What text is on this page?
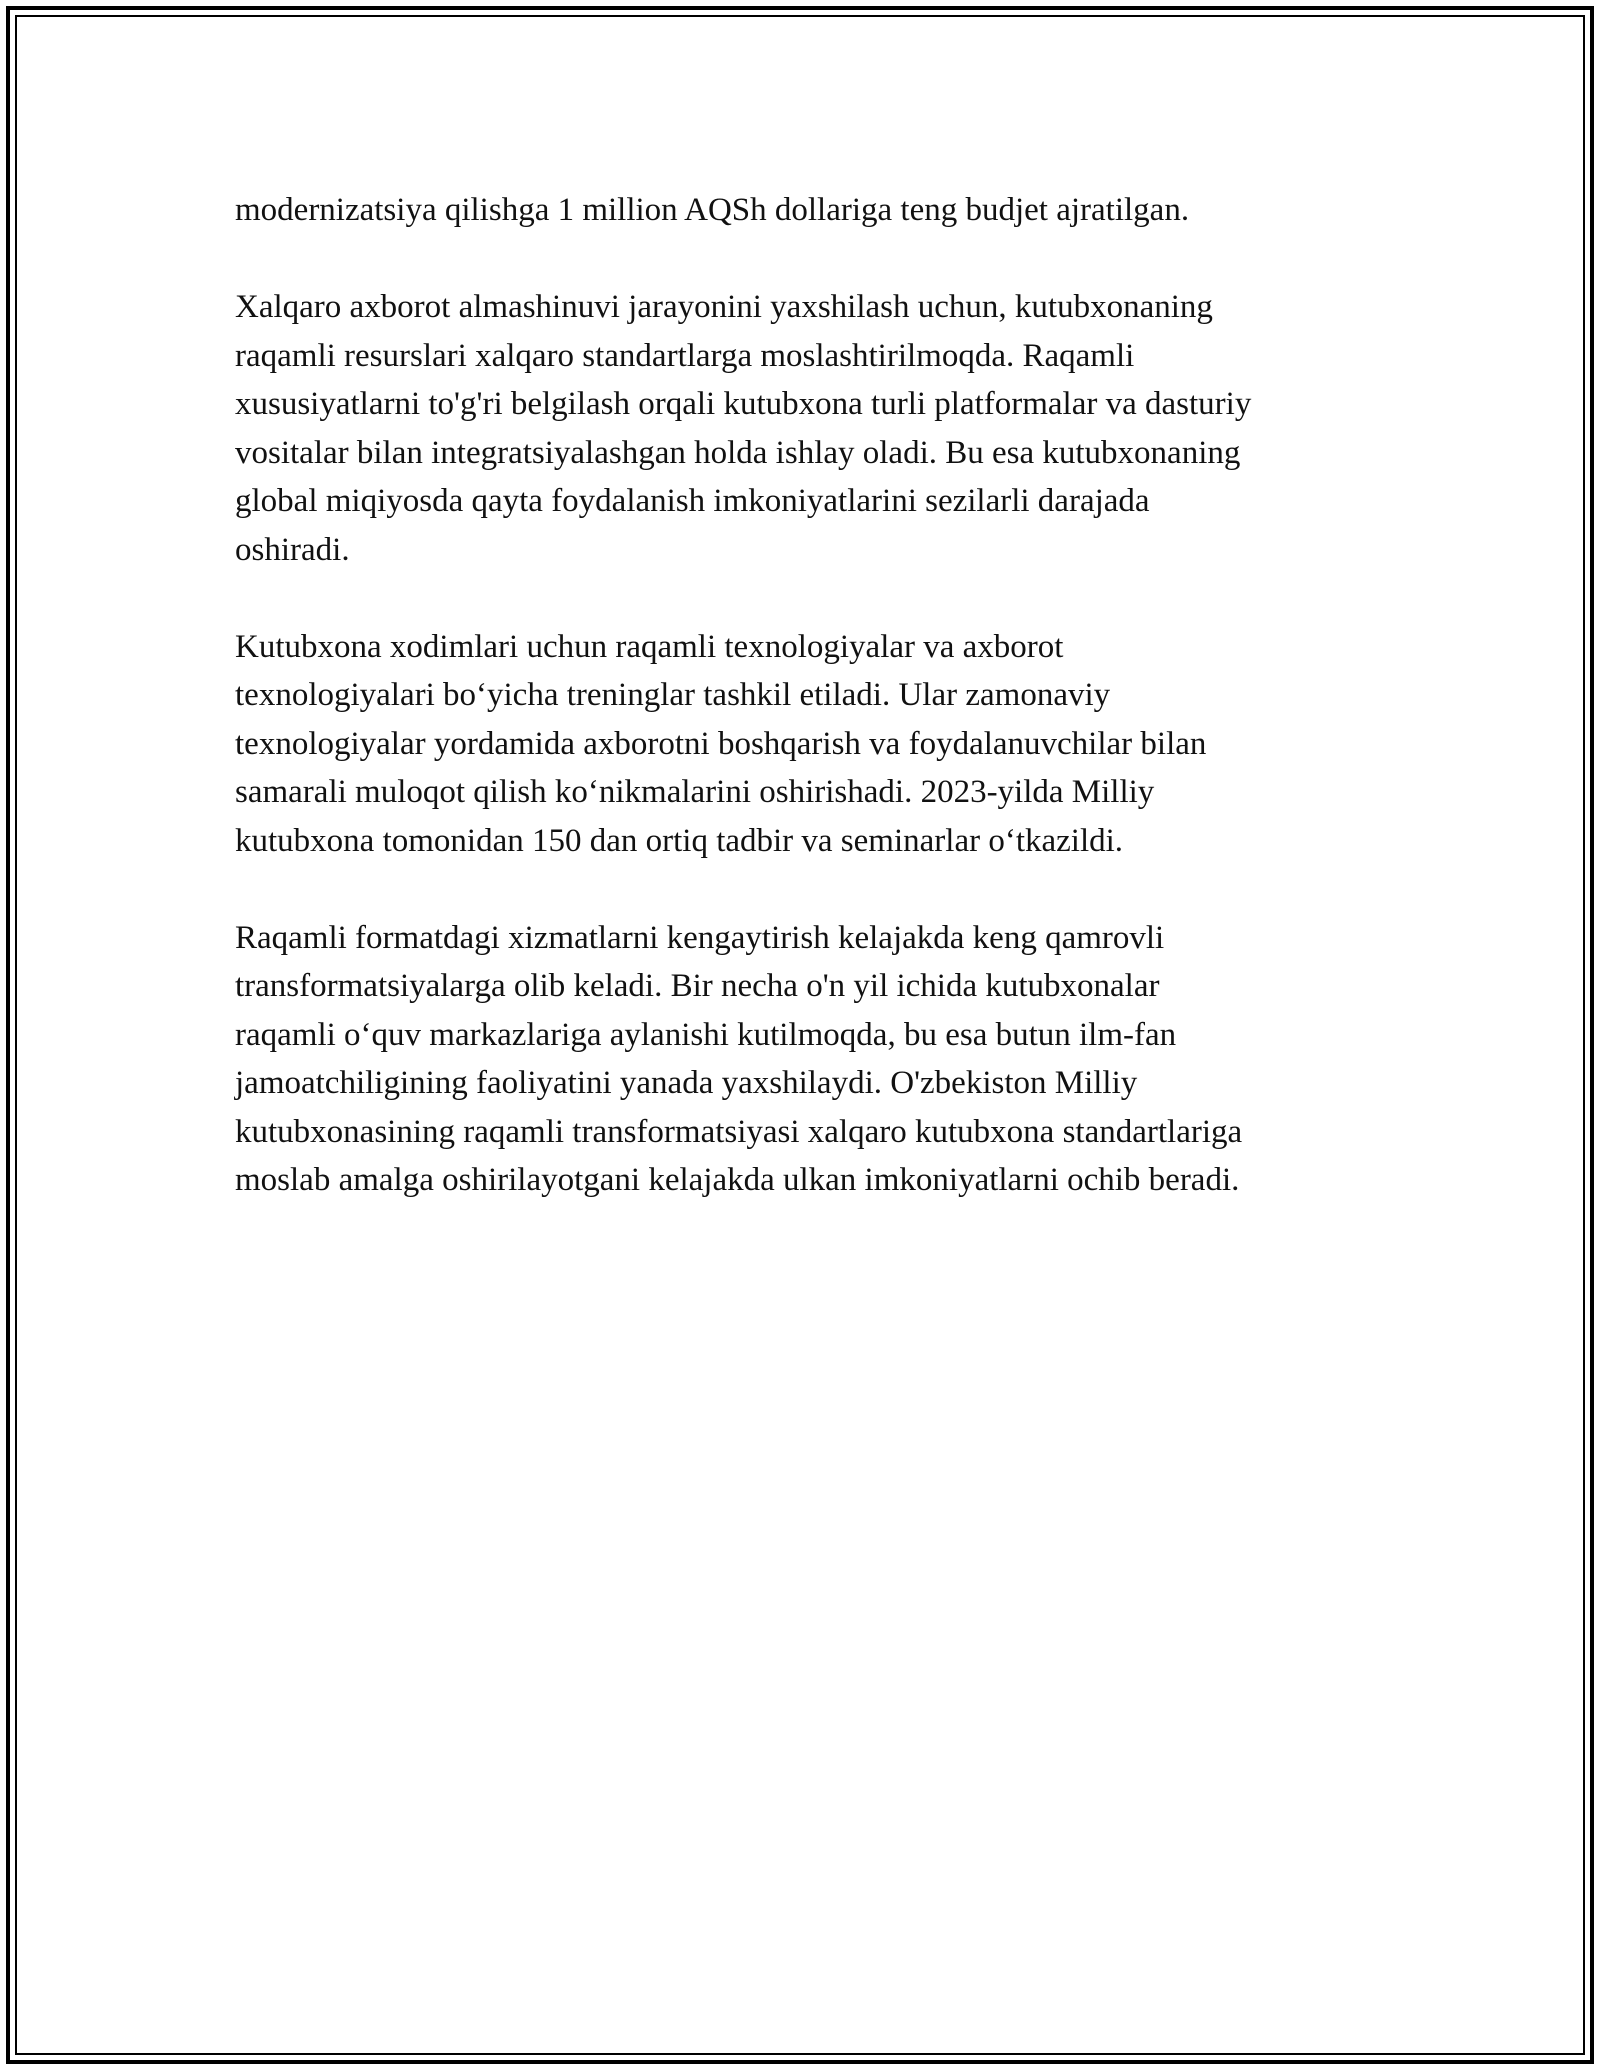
modernizatsiya qilishga 1 million AQSh dollariga teng budjet ajratilgan.

Xalqaro axborot almashinuvi jarayonini yaxshilash uchun, kutubxonaning
raqamli resurslari xalqaro standartlarga moslashtirilmoqda. Raqamli
xususiyatlarni to'g'ri belgilash orqali kutubxona turli platformalar va dasturiy
vositalar bilan integratsiyalashgan holda ishlay oladi. Bu esa kutubxonaning
global miqiyosda qayta foydalanish imkoniyatlarini sezilarli darajada
oshiradi.

Kutubxona xodimlari uchun raqamli texnologiyalar va axborot
texnologiyalari boʻyicha treninglar tashkil etiladi. Ular zamonaviy
texnologiyalar yordamida axborotni boshqarish va foydalanuvchilar bilan
samarali muloqot qilish koʻnikmalarini oshirishadi. 2023-yilda Milliy
kutubxona tomonidan 150 dan ortiq tadbir va seminarlar oʻtkazildi.

Raqamli formatdagi xizmatlarni kengaytirish kelajakda keng qamrovli
transformatsiyalarga olib keladi. Bir necha o'n yil ichida kutubxonalar
raqamli oʻquv markazlariga aylanishi kutilmoqda, bu esa butun ilm-fan
jamoatchiligining faoliyatini yanada yaxshilaydi. O'zbekiston Milliy
kutubxonasining raqamli transformatsiyasi xalqaro kutubxona standartlariga
moslab amalga oshirilayotgani kelajakda ulkan imkoniyatlarni ochib beradi.
